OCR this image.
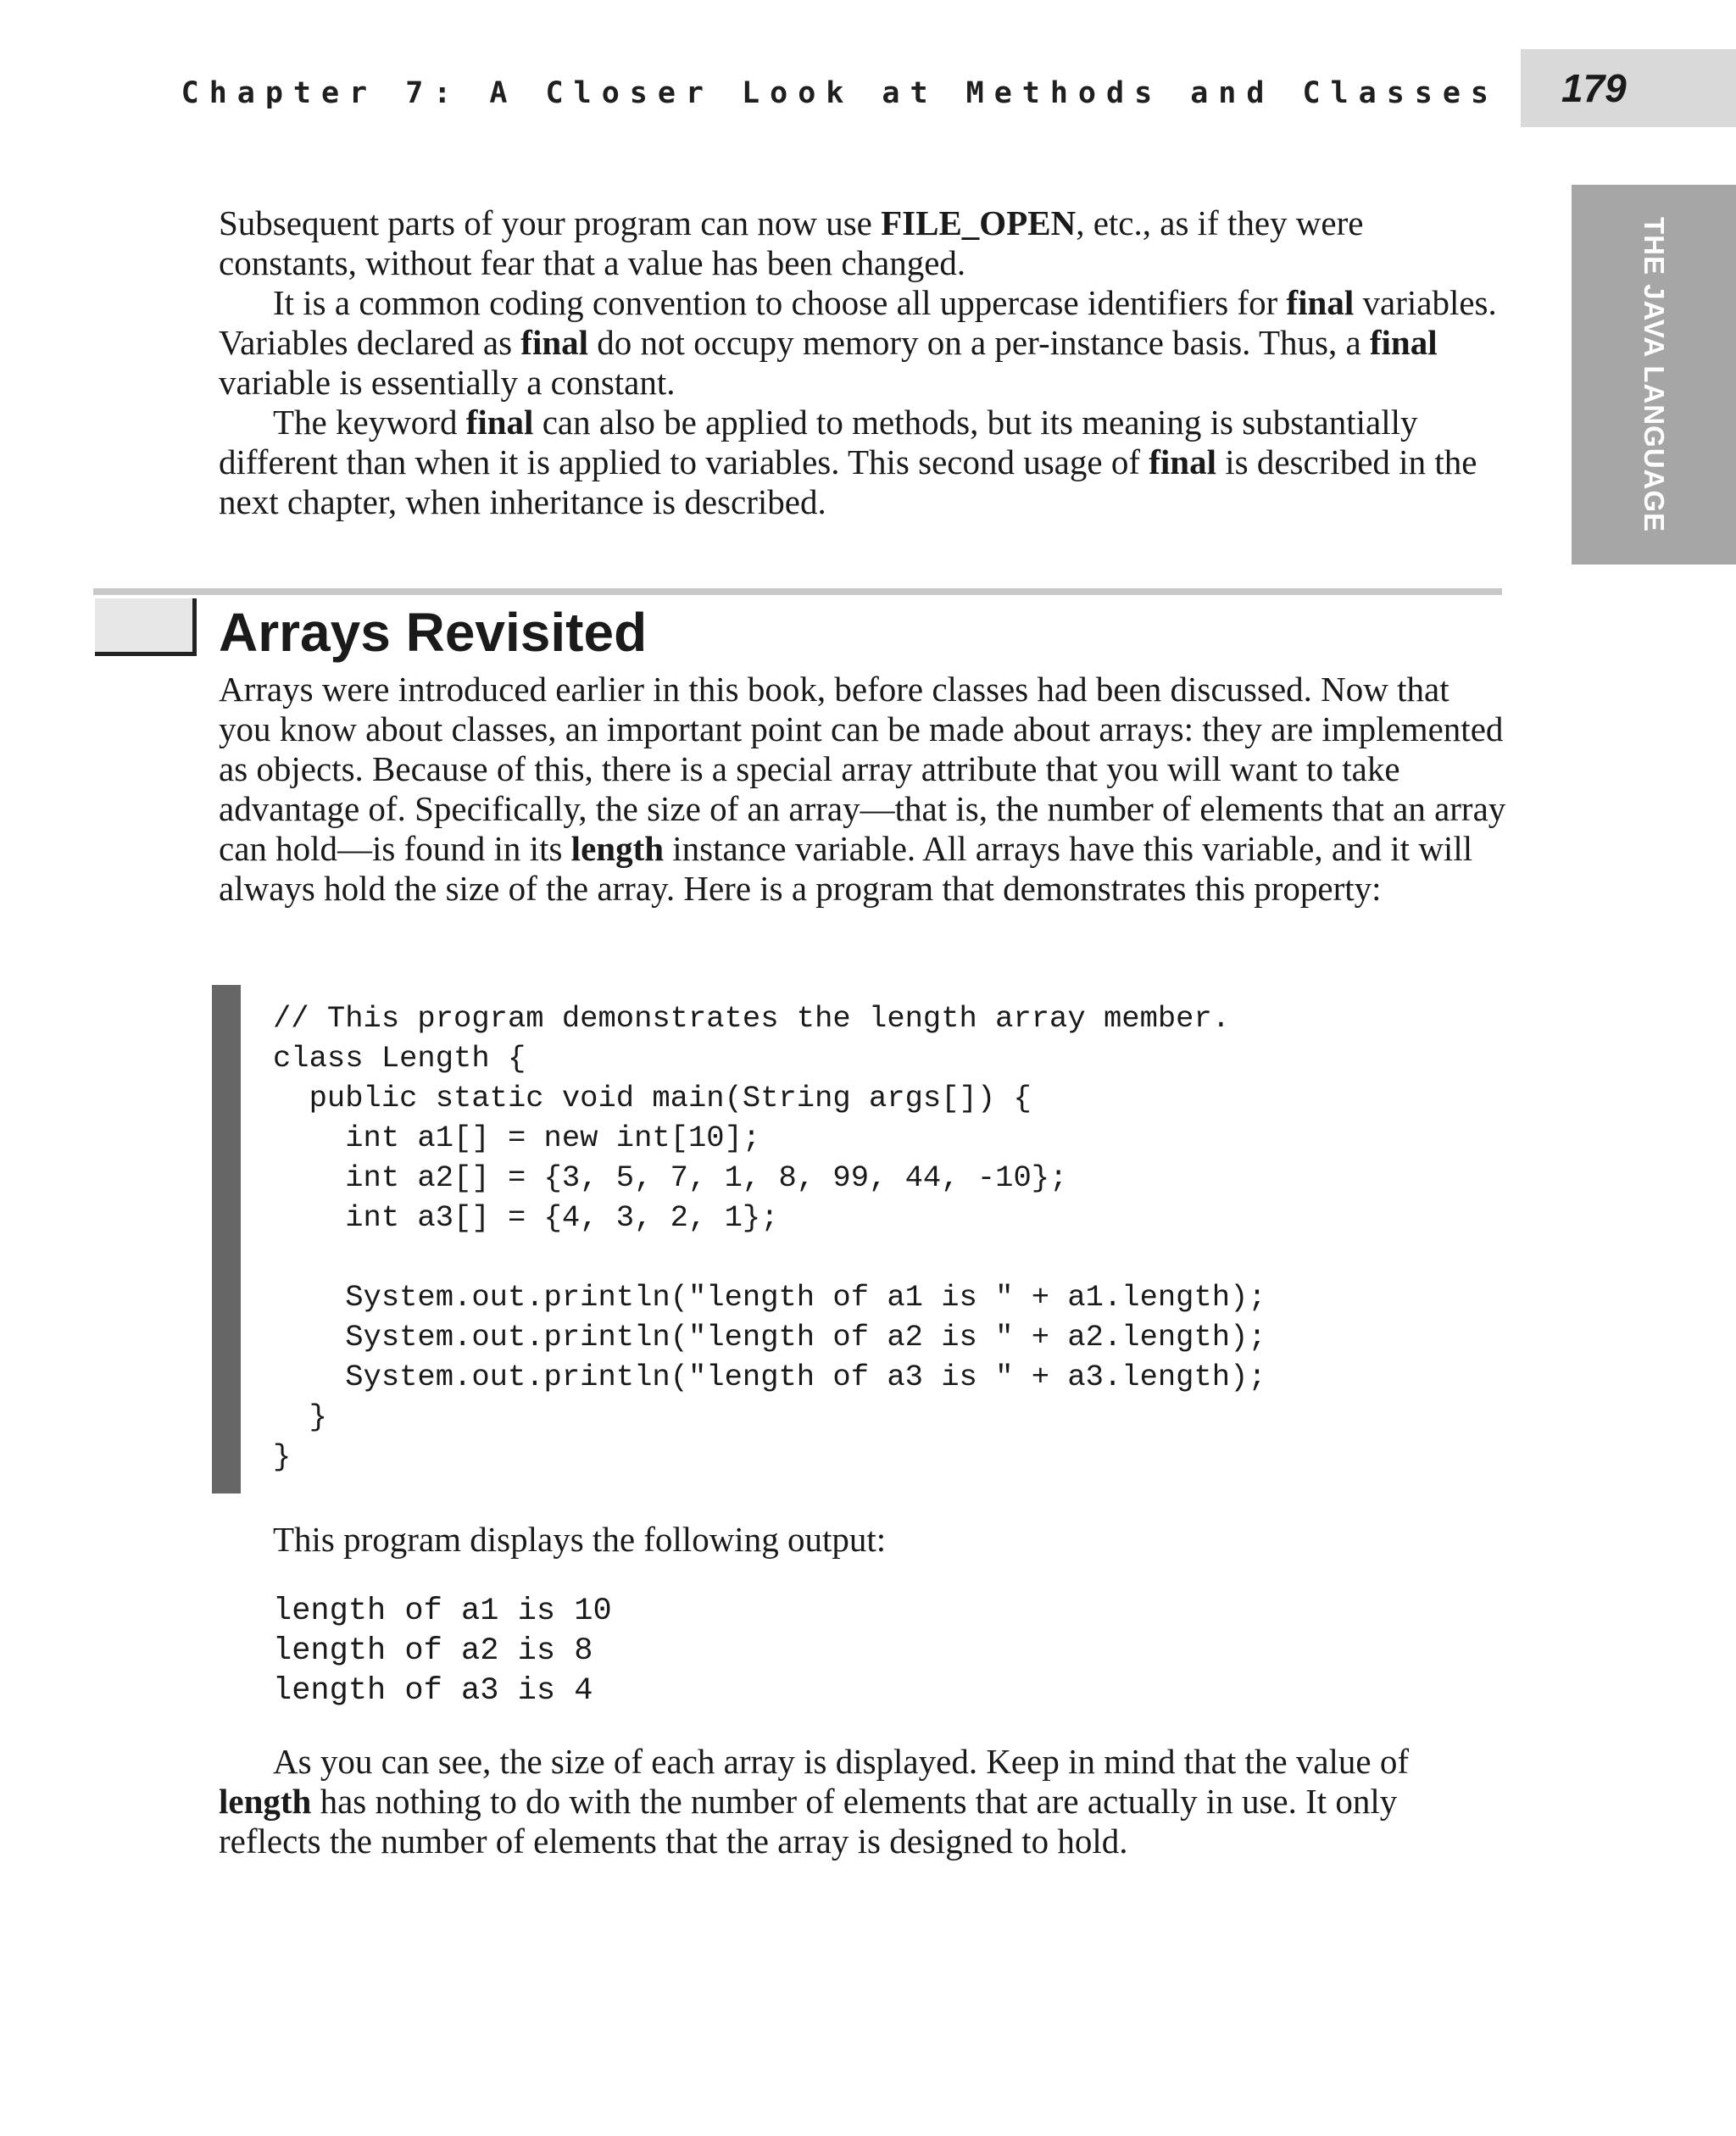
Chapter 7: A Closer Look at Methods and Classes 179
THE JAVA LANGUAGE

Subsequent parts of your program can now use FILE_OPEN, etc., as if they were constants, without fear that a value has been changed.

It is a common coding convention to choose all uppercase identifiers for final variables. Variables declared as final do not occupy memory on a per-instance basis. Thus, a final variable is essentially a constant.

The keyword final can also be applied to methods, but its meaning is substantially different than when it is applied to variables. This second usage of final is described in the next chapter, when inheritance is described.

Arrays Revisited

Arrays were introduced earlier in this book, before classes had been discussed. Now that you know about classes, an important point can be made about arrays: they are implemented as objects. Because of this, there is a special array attribute that you will want to take advantage of. Specifically, the size of an array—that is, the number of elements that an array can hold—is found in its length instance variable. All arrays have this variable, and it will always hold the size of the array. Here is a program that demonstrates this property:

// This program demonstrates the length array member.
class Length {
public static void main(String args[]) {
int a1[] = new int[10];
int a2[] = {3, 5, 7, 1, 8, 99, 44, -10};
int a3[] = {4, 3, 2, 1};
System.out.println("length of a1 is " + a1.length);
System.out.println("length of a2 is " + a2.length);
System.out.println("length of a3 is " + a3.length);
}
}

This program displays the following output:

length of a1 is 10
length of a2 is 8
length of a3 is 4

As you can see, the size of each array is displayed. Keep in mind that the value of length has nothing to do with the number of elements that are actually in use. It only reflects the number of elements that the array is designed to hold.
